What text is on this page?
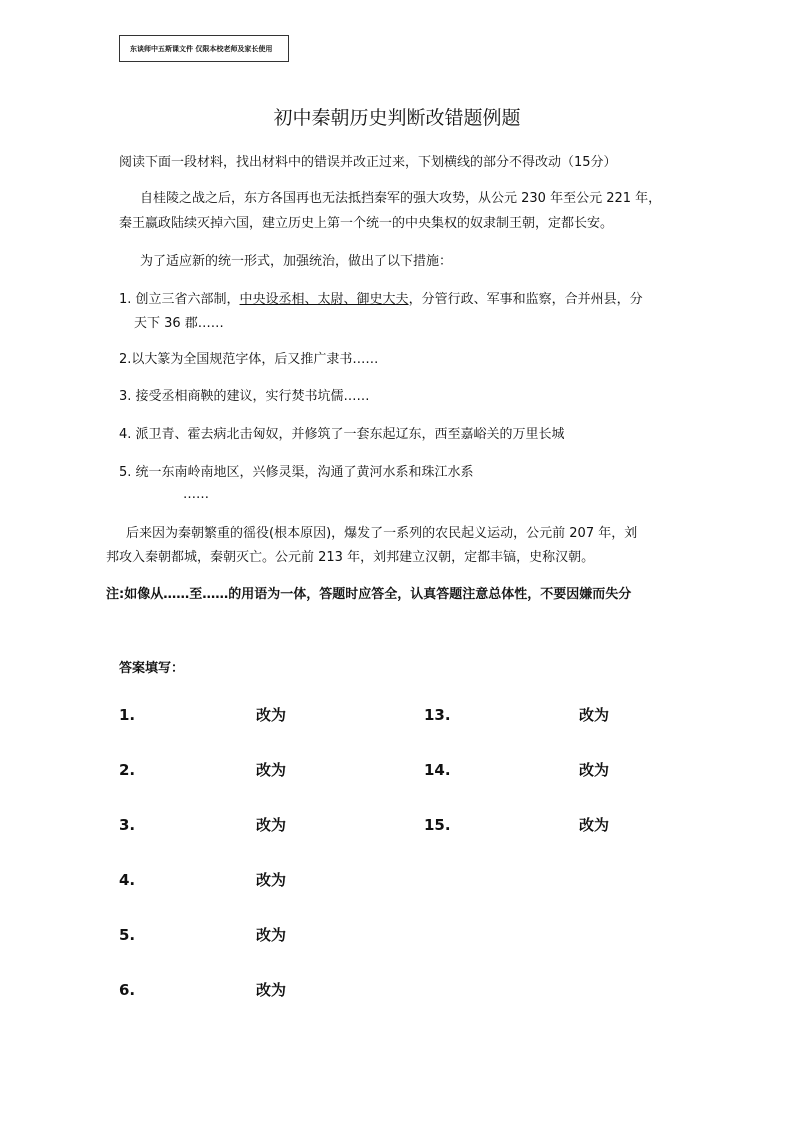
东谈师中五斯课文件 仅限本校老师及家长使用
初中秦朝历史判断改错题例题
阅读下面一段材料，找出材料中的错误并改正过来，下划横线的部分不得改动（15分）
自桂陵之战之后，东方各国再也无法抵挡秦军的强大攻势，从公元 230 年至公元 221 年，
秦王嬴政陆续灭掉六国，建立历史上第一个统一的中央集权的奴隶制王朝，定都长安。
为了适应新的统一形式，加强统治，做出了以下措施：
1. 创立三省六部制，中央设丞相、太尉、御史大夫，分管行政、军事和监察，合并州县，分
天下 36 郡……
2.以大篆为全国规范字体，后又推广隶书……
3. 接受丞相商鞅的建议，实行焚书坑儒……
4. 派卫青、霍去病北击匈奴，并修筑了一套东起辽东，西至嘉峪关的万里长城
5. 统一东南岭南地区，兴修灵渠，沟通了黄河水系和珠江水系
……
后来因为秦朝繁重的徭役(根本原因)，爆发了一系列的农民起义运动，公元前 207 年，刘
邦攻入秦朝都城，秦朝灭亡。公元前 213 年，刘邦建立汉朝，定都丰镐，史称汉朝。
注:如像从……至……的用语为一体，答题时应答全，认真答题注意总体性，不要因嫌而失分
答案填写：
1.	改为
2.	改为
3.	改为
4.	改为
5.	改为
6.	改为
13.	改为
14.	改为
15.	改为
